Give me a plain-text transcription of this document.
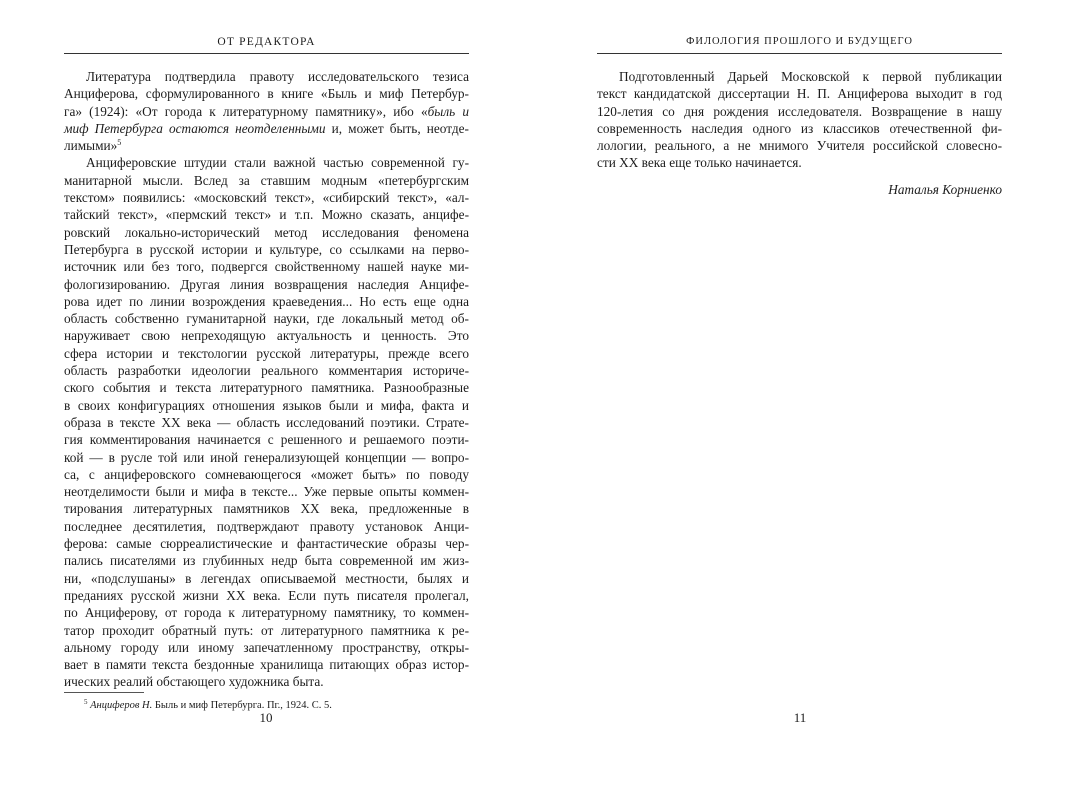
ОТ РЕДАКТОРА
Литература подтвердила правоту исследовательского тезиса
Анциферова, сформулированного в книге «Быль и миф Петербур-
га» (1924): «От города к литературному памятнику», ибо «быль и
миф Петербурга остаются неотделенными и, может быть, неотде-
лимыми»$^5$
Анциферовские штудии стали важной частью современной гу-
манитарной мысли. Вслед за ставшим модным «петербургским
текстом» появились: «московский текст», «сибирский текст», «ал-
тайский текст», «пермский текст» и т.п. Можно сказать, анцифе-
ровский локально-исторический метод исследования феномена
Петербурга в русской истории и культуре, со ссылками на перво-
источник или без того, подвергся свойственному нашей науке ми-
фологизированию. Другая линия возвращения наследия Анцифе-
рова идет по линии возрождения краеведения... Но есть еще одна
область собственно гуманитарной науки, где локальный метод об-
наруживает свою непреходящую актуальность и ценность. Это
сфера истории и текстологии русской литературы, прежде всего
область разработки идеологии реального комментария историче-
ского события и текста литературного памятника. Разнообразные
в своих конфигурациях отношения языков были и мифа, факта и
образа в тексте XX века — область исследований поэтики. Страте-
гия комментирования начинается с решенного и решаемого поэти-
кой — в русле той или иной генерализующей концепции — вопро-
са, с анциферовского сомневающегося «может быть» по поводу
неотделимости были и мифа в тексте... Уже первые опыты коммен-
тирования литературных памятников XX века, предложенные в
последнее десятилетия, подтверждают правоту установок Анци-
ферова: самые сюрреалистические и фантастические образы чер-
пались писателями из глубинных недр быта современной им жиз-
ни, «подслушаны» в легендах описываемой местности, былях и
преданиях русской жизни XX века. Если путь писателя пролегал,
по Анциферову, от города к литературному памятнику, то коммен-
татор проходит обратный путь: от литературного памятника к ре-
альному городу или иному запечатленному пространству, откры-
вает в памяти текста бездонные хранилища питающих образ истор-
ических реалий обстающего художника быта.
$^5$ Анциферов Н. Быль и миф Петербурга. Пг., 1924. С. 5.
10
ФИЛОЛОГИЯ ПРОШЛОГО И БУДУЩЕГО
Подготовленный Дарьей Московской к первой публикации
текст кандидатской диссертации Н. П. Анциферова выходит в год
120-летия со дня рождения исследователя. Возвращение в нашу
современность наследия одного из классиков отечественной фи-
лологии, реального, а не мнимого Учителя российской словесно-
сти XX века еще только начинается.
Наталья Корниенко
11
